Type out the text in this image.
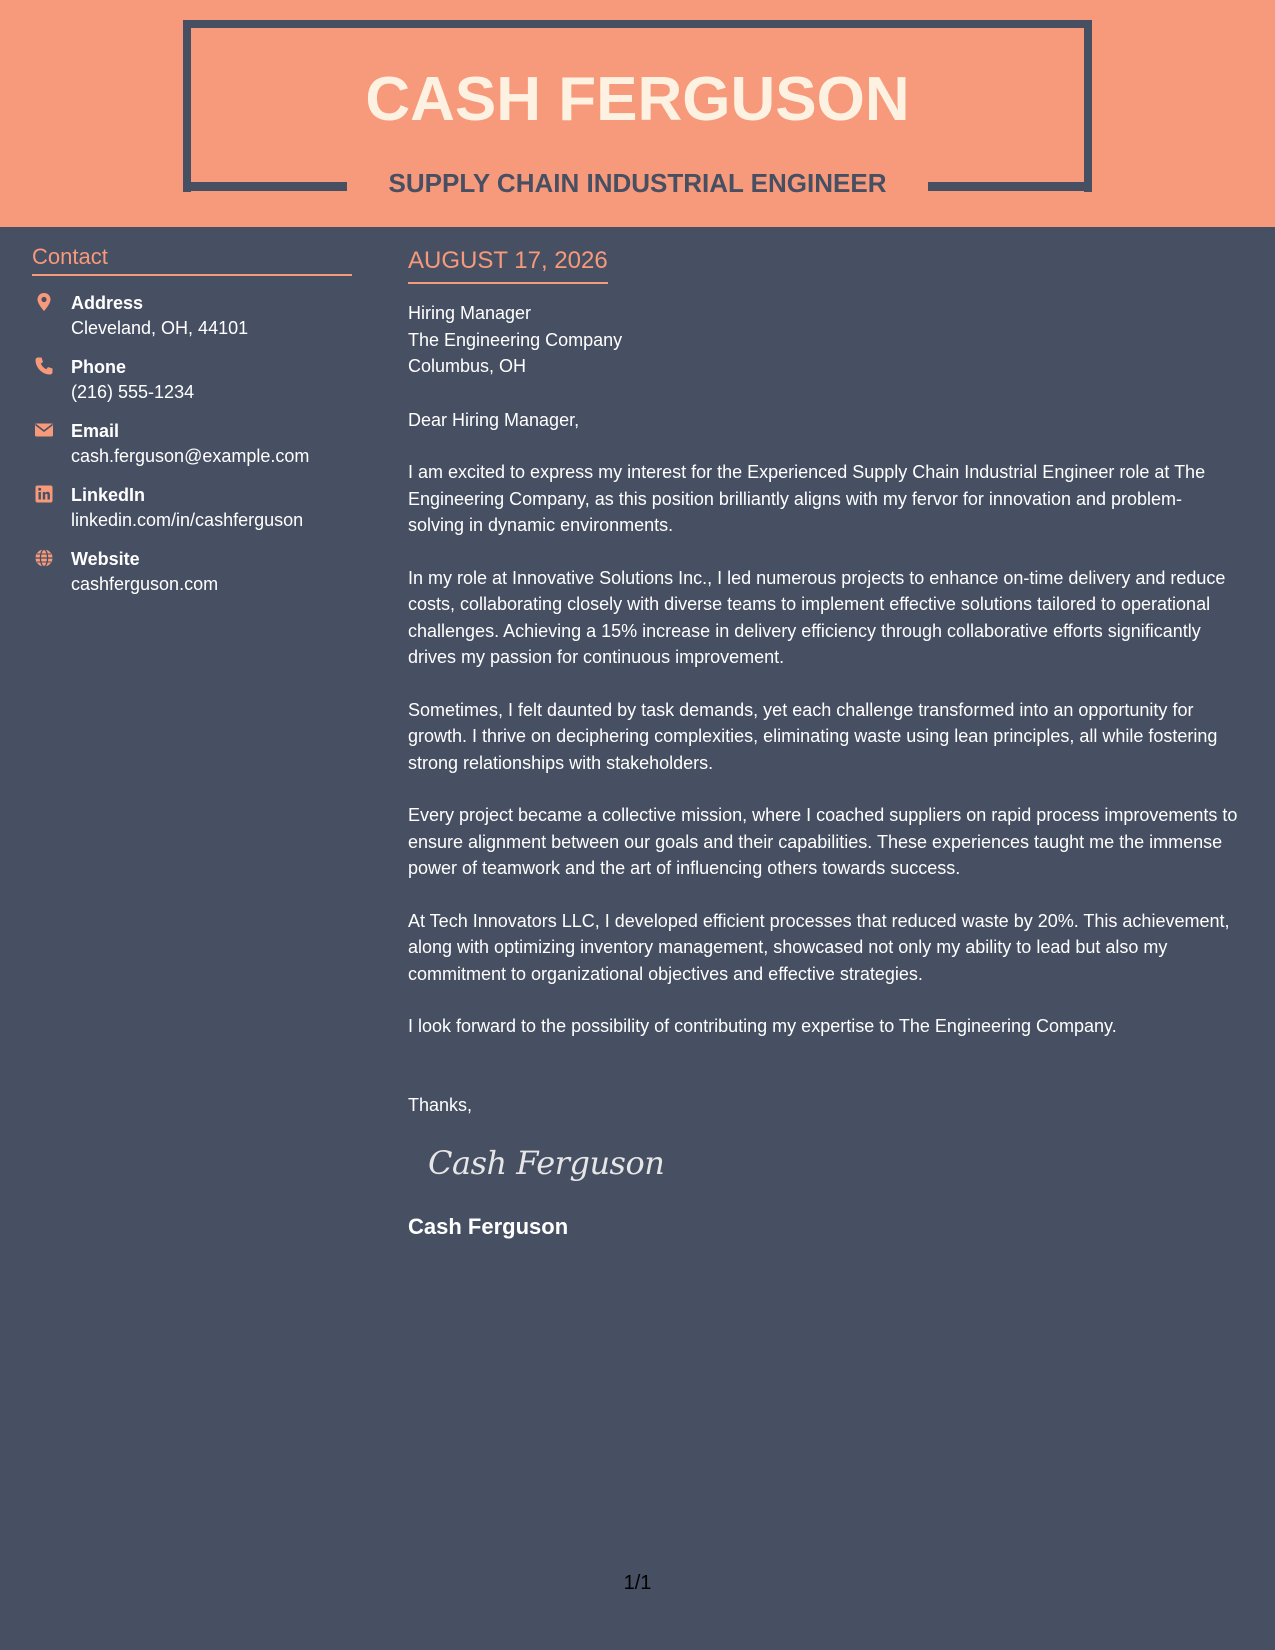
CASH FERGUSON
SUPPLY CHAIN INDUSTRIAL ENGINEER
Contact
Address
Cleveland, OH, 44101
Phone
(216) 555-1234
Email
cash.ferguson@example.com
LinkedIn
linkedin.com/in/cashferguson
Website
cashferguson.com
AUGUST 17, 2026
Hiring Manager
The Engineering Company
Columbus, OH
Dear Hiring Manager,
I am excited to express my interest for the Experienced Supply Chain Industrial Engineer role at The Engineering Company, as this position brilliantly aligns with my fervor for innovation and problem-solving in dynamic environments.
In my role at Innovative Solutions Inc., I led numerous projects to enhance on-time delivery and reduce costs, collaborating closely with diverse teams to implement effective solutions tailored to operational challenges. Achieving a 15% increase in delivery efficiency through collaborative efforts significantly drives my passion for continuous improvement.
Sometimes, I felt daunted by task demands, yet each challenge transformed into an opportunity for growth. I thrive on deciphering complexities, eliminating waste using lean principles, all while fostering strong relationships with stakeholders.
Every project became a collective mission, where I coached suppliers on rapid process improvements to ensure alignment between our goals and their capabilities. These experiences taught me the immense power of teamwork and the art of influencing others towards success.
At Tech Innovators LLC, I developed efficient processes that reduced waste by 20%. This achievement, along with optimizing inventory management, showcased not only my ability to lead but also my commitment to organizational objectives and effective strategies.
I look forward to the possibility of contributing my expertise to The Engineering Company.
Thanks,
Cash Ferguson
Cash Ferguson
1/1
